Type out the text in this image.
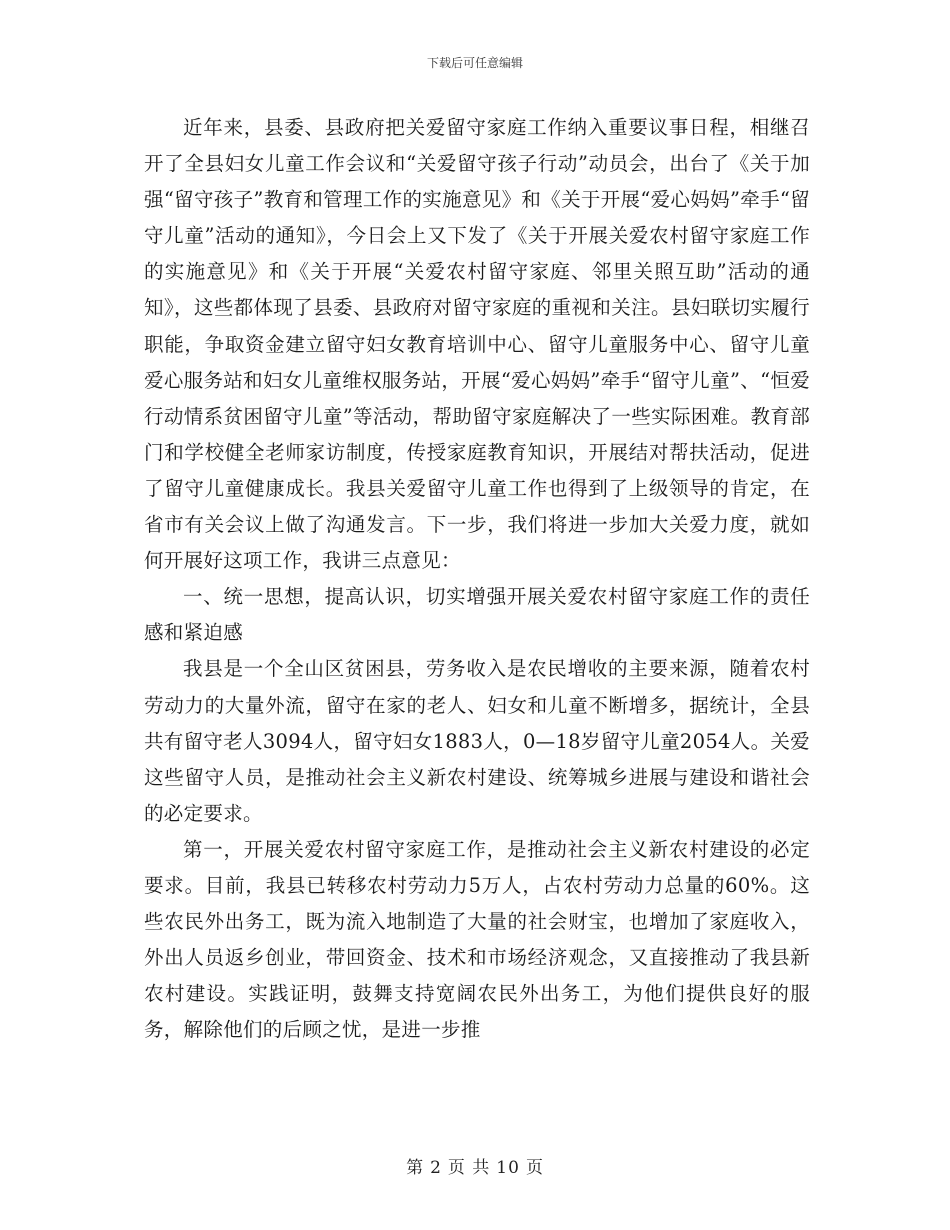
下载后可任意编辑

近年来，县委、县政府把关爱留守家庭工作纳入重要议事日程，相继召开了全县妇女儿童工作会议和“关爱留守孩子行动”动员会，出台了《关于加强“留守孩子”教育和管理工作的实施意见》和《关于开展“爱心妈妈”牵手“留守儿童”活动的通知》，今日会上又下发了《关于开展关爱农村留守家庭工作的实施意见》和《关于开展“关爱农村留守家庭、邻里关照互助”活动的通知》，这些都体现了县委、县政府对留守家庭的重视和关注。县妇联切实履行职能，争取资金建立留守妇女教育培训中心、留守儿童服务中心、留守儿童爱心服务站和妇女儿童维权服务站，开展“爱心妈妈”牵手“留守儿童”、“恒爱行动情系贫困留守儿童”等活动，帮助留守家庭解决了一些实际困难。教育部门和学校健全老师家访制度，传授家庭教育知识，开展结对帮扶活动，促进了留守儿童健康成长。我县关爱留守儿童工作也得到了上级领导的肯定，在省市有关会议上做了沟通发言。下一步，我们将进一步加大关爱力度，就如何开展好这项工作，我讲三点意见：

一、统一思想，提高认识，切实增强开展关爱农村留守家庭工作的责任感和紧迫感

我县是一个全山区贫困县，劳务收入是农民增收的主要来源，随着农村劳动力的大量外流，留守在家的老人、妇女和儿童不断增多，据统计，全县共有留守老人3094人，留守妇女1883人，0—18岁留守儿童2054人。关爱这些留守人员，是推动社会主义新农村建设、统筹城乡进展与建设和谐社会的必定要求。

第一，开展关爱农村留守家庭工作，是推动社会主义新农村建设的必定要求。目前，我县已转移农村劳动力5万人，占农村劳动力总量的60%。这些农民外出务工，既为流入地制造了大量的社会财宝，也增加了家庭收入，外出人员返乡创业，带回资金、技术和市场经济观念，又直接推动了我县新农村建设。实践证明，鼓舞支持宽阔农民外出务工，为他们提供良好的服务，解除他们的后顾之忧，是进一步推

第 2 页 共 10 页
